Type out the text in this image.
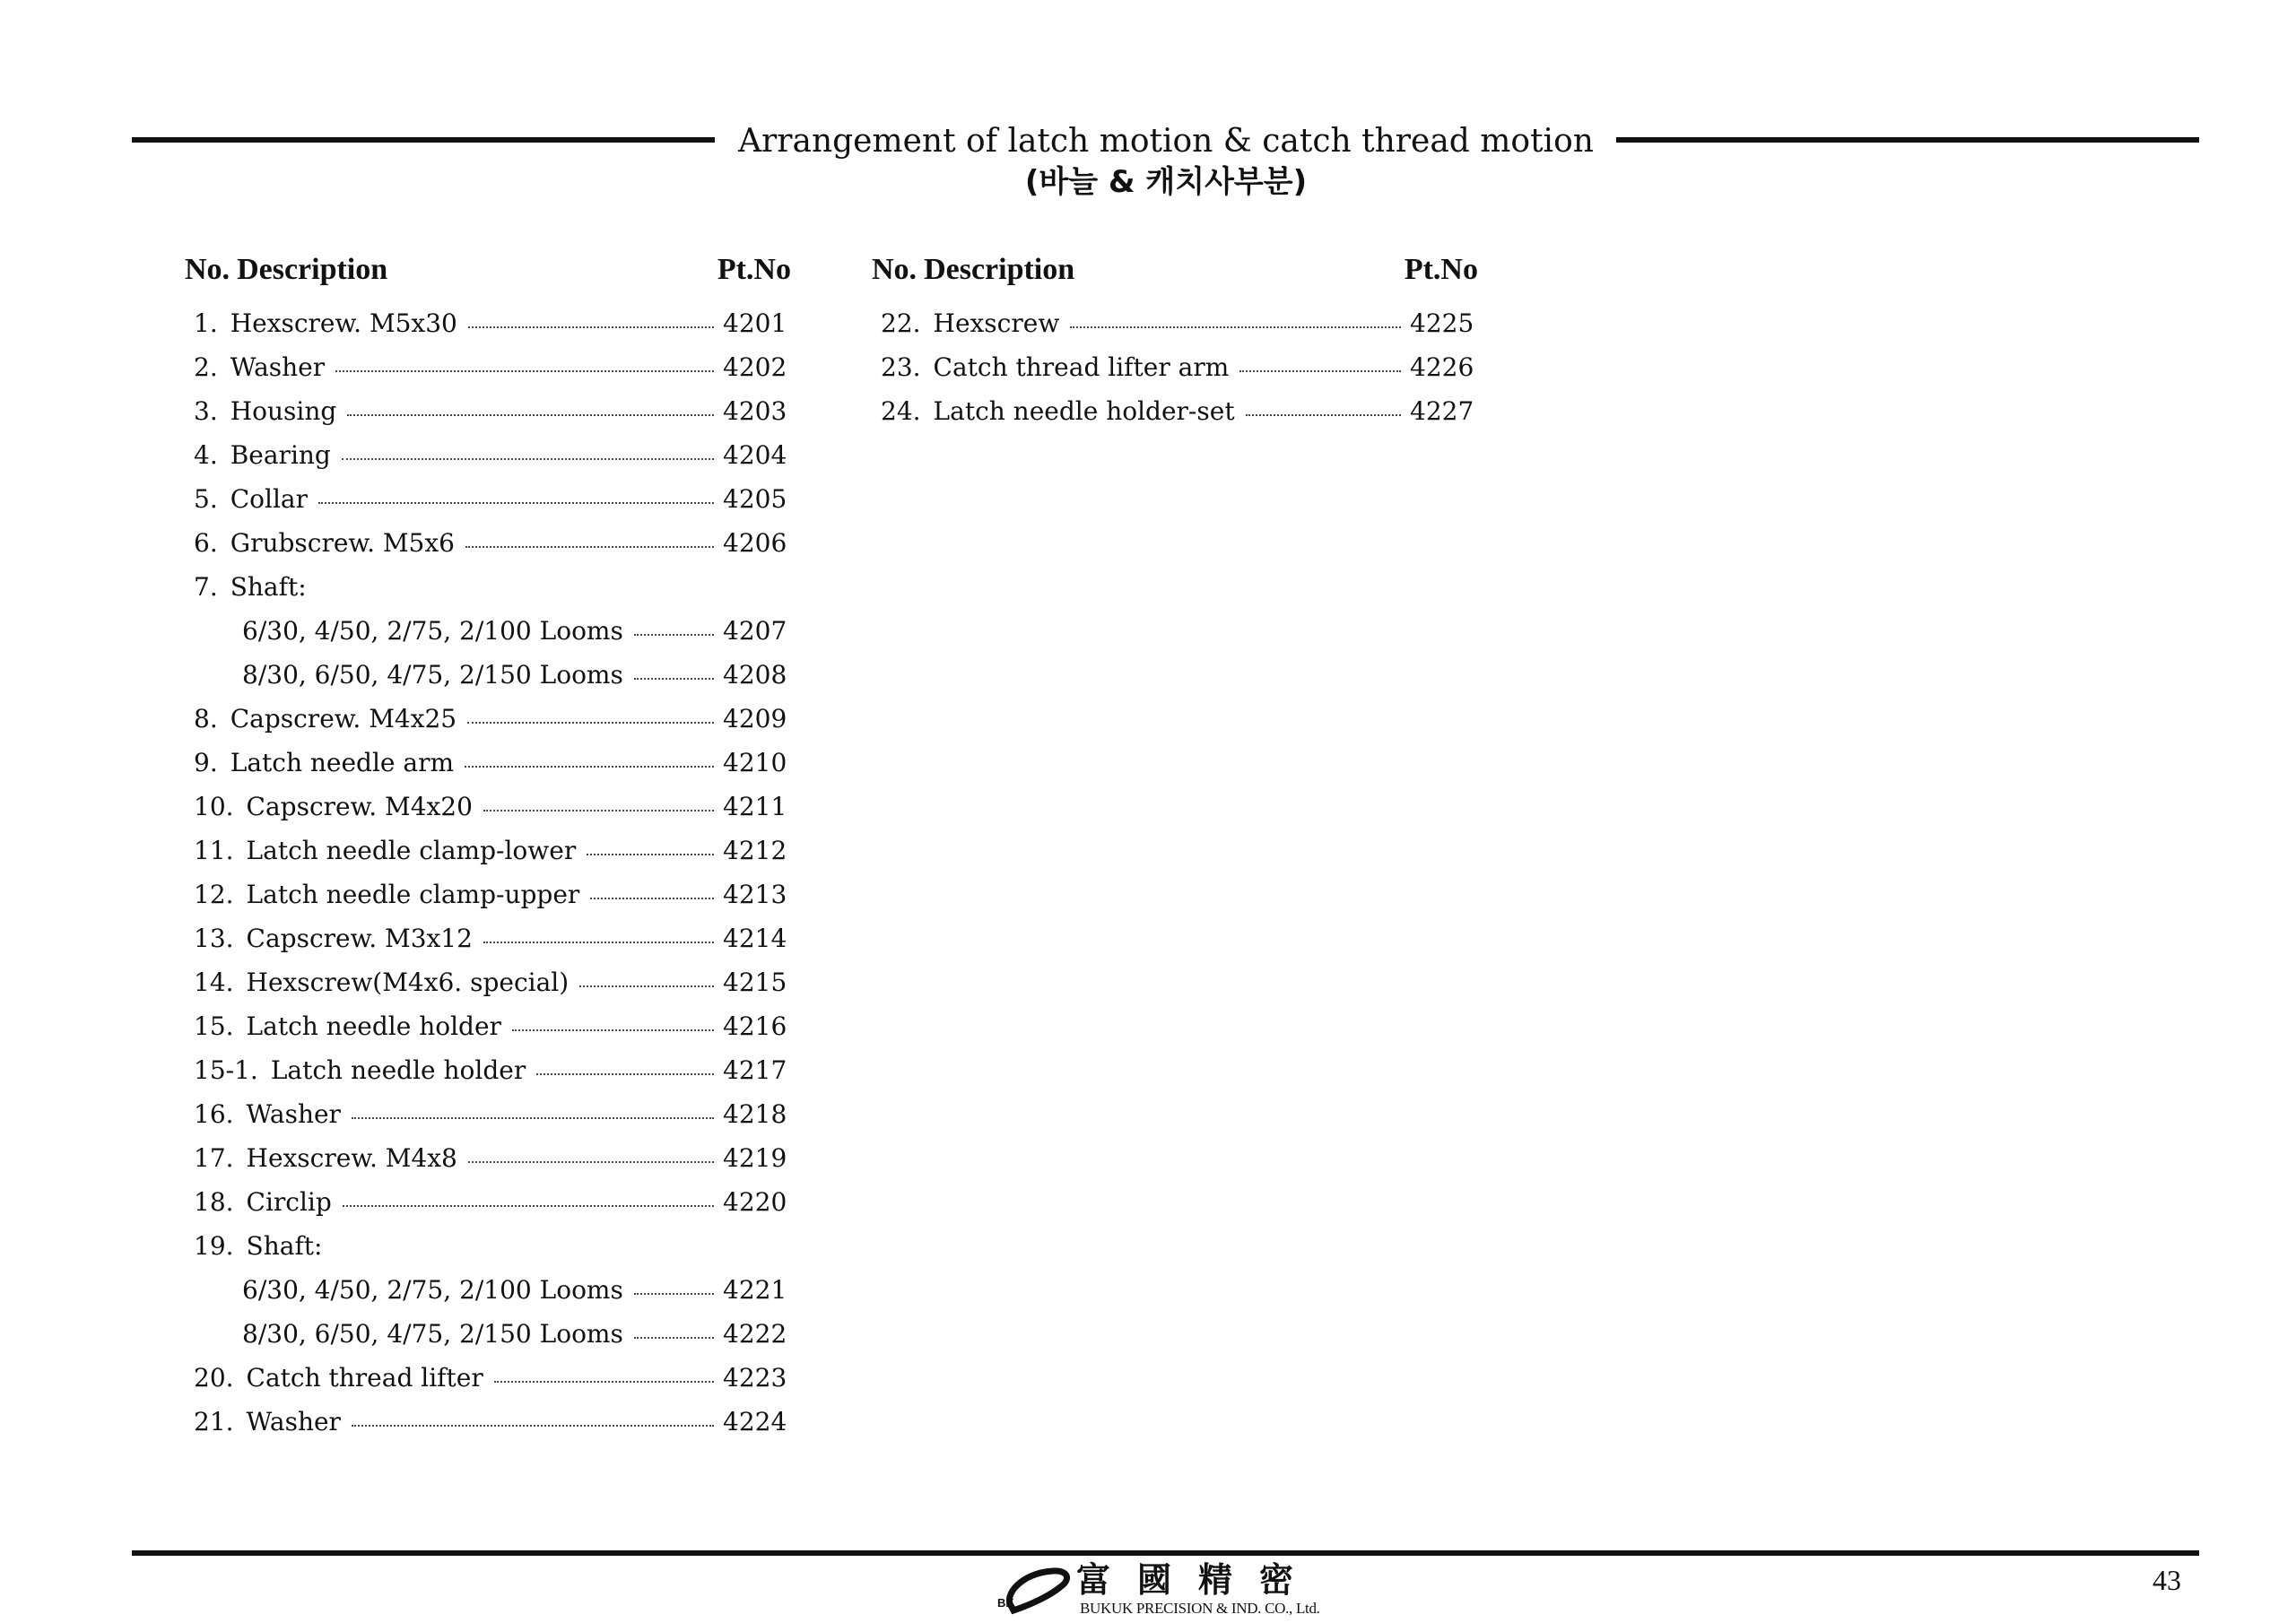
Arrangement of latch motion & catch thread motion
(바늘 & 캐치사부분)
No. Description	Pt.No
1. Hexscrew. M5x30	4201
2. Washer	4202
3. Housing	4203
4. Bearing	4204
5. Collar	4205
6. Grubscrew. M5x6	4206
7. Shaft:
6/30, 4/50, 2/75, 2/100 Looms	4207
8/30, 6/50, 4/75, 2/150 Looms	4208
8. Capscrew. M4x25	4209
9. Latch needle arm	4210
10. Capscrew. M4x20	4211
11. Latch needle clamp-lower	4212
12. Latch needle clamp-upper	4213
13. Capscrew. M3x12	4214
14. Hexscrew(M4x6. special)	4215
15. Latch needle holder	4216
15-1. Latch needle holder	4217
16. Washer	4218
17. Hexscrew. M4x8	4219
18. Circlip	4220
19. Shaft:
6/30, 4/50, 2/75, 2/100 Looms	4221
8/30, 6/50, 4/75, 2/150 Looms	4222
20. Catch thread lifter	4223
21. Washer	4224
No. Description	Pt.No
22. Hexscrew	4225
23. Catch thread lifter arm	4226
24. Latch needle holder-set	4227
BK
富國精密
BUKUK PRECISION & IND. CO., Ltd.
43
